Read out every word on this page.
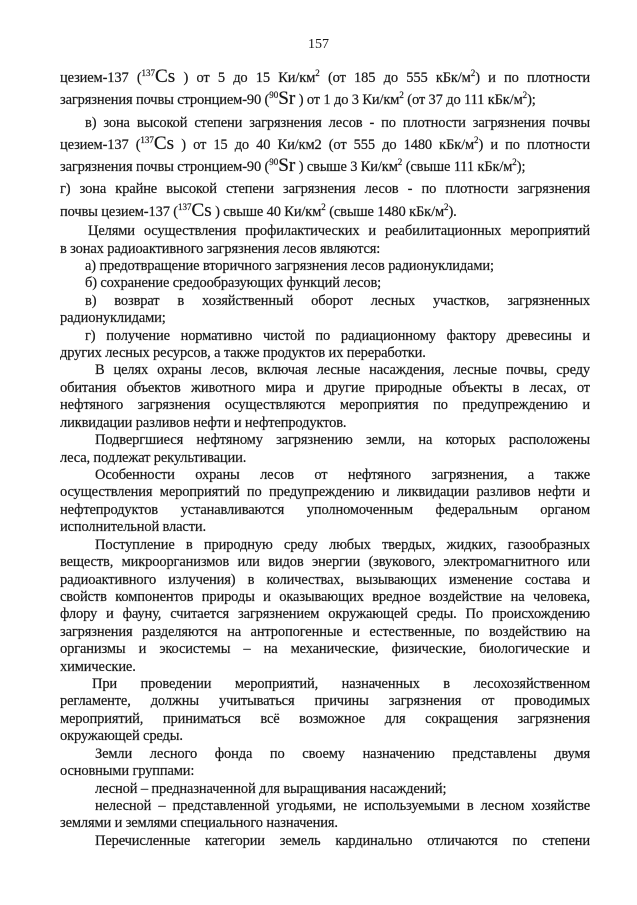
157
цезием-137 ($^{137}$Cs ) от 5 до 15 $Ки/км^2$ (от 185 до 555 кБк/$м^2$) и по плотности
загрязнения почвы стронцием-90 ($^{90}$Sr ) от 1 до 3 $Ки/км^2$ (от 37 до 111 кБк/$м^2$);
в) зона высокой степени загрязнения лесов - по плотности загрязнения почвы
цезием-137 ($^{137}$Cs ) от 15 до 40 Ки/км2 (от 555 до 1480 кБк/$м^2$) и по плотности
загрязнения почвы стронцием-90 ($^{90}$Sr ) свыше 3 $Ки/км^2$ (свыше 111 кБк/$м^2$);
г) зона крайне высокой степени загрязнения лесов - по плотности загрязнения
почвы цезием-137 ($^{137}$Cs ) свыше 40 $Ки/км^2$ (свыше 1480 кБк/$м^2$).
Целями осуществления профилактических и реабилитационных мероприятий
в зонах радиоактивного загрязнения лесов являются:
а) предотвращение вторичного загрязнения лесов радионуклидами;
б) сохранение средообразующих функций лесов;
в) возврат в хозяйственный оборот лесных участков, загрязненных
радионуклидами;
г) получение нормативно чистой по радиационному фактору древесины и
других лесных ресурсов, а также продуктов их переработки.
В целях охраны лесов, включая лесные насаждения, лесные почвы, среду
обитания объектов животного мира и другие природные объекты в лесах, от
нефтяного загрязнения осуществляются мероприятия по предупреждению и
ликвидации разливов нефти и нефтепродуктов.
Подвергшиеся нефтяному загрязнению земли, на которых расположены
леса, подлежат рекультивации.
Особенности охраны лесов от нефтяного загрязнения, а также
осуществления мероприятий по предупреждению и ликвидации разливов нефти и
нефтепродуктов устанавливаются уполномоченным федеральным органом
исполнительной власти.
Поступление в природную среду любых твердых, жидких, газообразных
веществ, микроорганизмов или видов энергии (звукового, электромагнитного или
радиоактивного излучения) в количествах, вызывающих изменение состава и
свойств компонентов природы и оказывающих вредное воздействие на человека,
флору и фауну, считается загрязнением окружающей среды. По происхождению
загрязнения разделяются на антропогенные и естественные, по воздействию на
организмы и экосистемы – на механические, физические, биологические и
химические.
При проведении мероприятий, назначенных в лесохозяйственном
регламенте, должны учитываться причины загрязнения от проводимых
мероприятий, приниматься всё возможное для сокращения загрязнения
окружающей среды.
Земли лесного фонда по своему назначению представлены двумя
основными группами:
лесной – предназначенной для выращивания насаждений;
нелесной – представленной угодьями, не используемыми в лесном хозяйстве
землями и землями специального назначения.
Перечисленные категории земель кардинально отличаются по степени
